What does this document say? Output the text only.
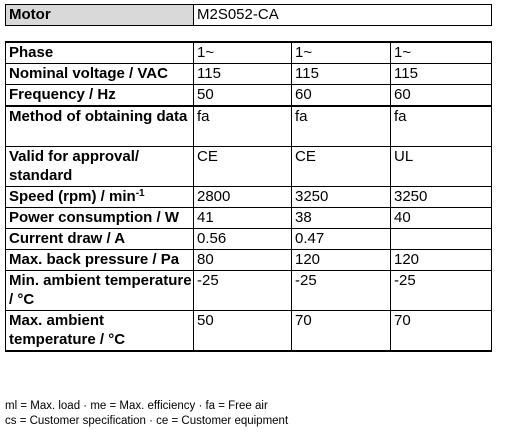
Motor	M2S052-CA
Phase	1~	1~	1~
Nominal voltage / VAC	115	115	115
Frequency / Hz	50	60	60
Method of obtaining data	fa	fa	fa
Valid for approval/ standard	CE	CE	UL
Speed $(rpm) / \min^{-1}$	2800	3250	3250
Power consumption / W	41	38	40
Current draw / A	0.56	0.47	
Max. back pressure / Pa	80	120	120
Min. ambient temperature / °C	-25	-25	-25
Max. ambient temperature / °C	50	70	70
ml = Max. load · me = Max. efficiency · fa = Free air
cs = Customer specification · ce = Customer equipment
